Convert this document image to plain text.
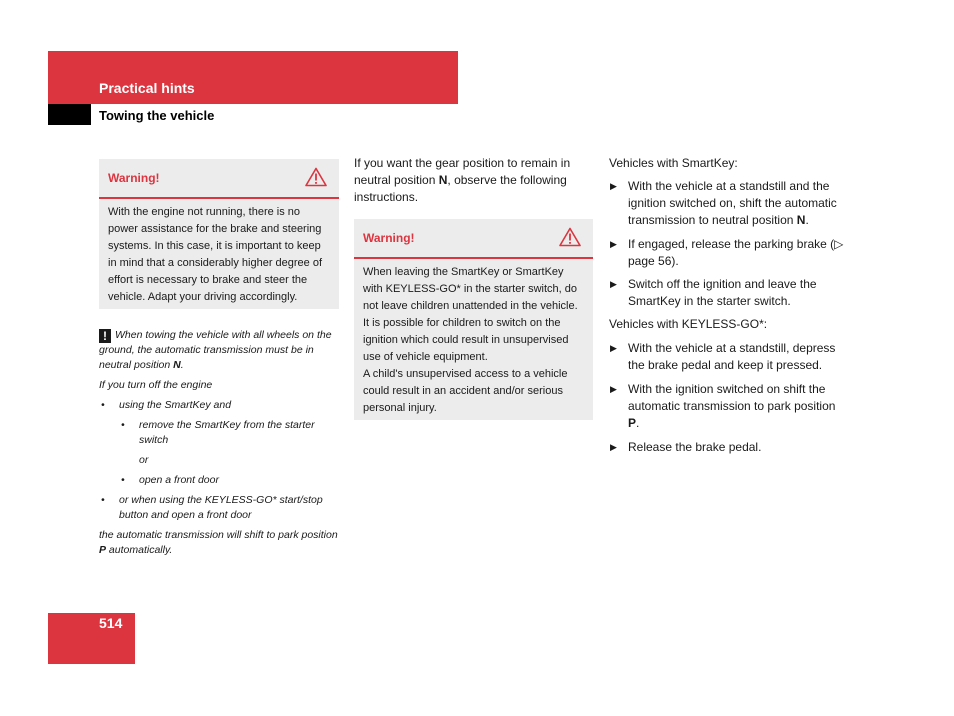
Practical hints
Towing the vehicle
Warning!

With the engine not running, there is no power assistance for the brake and steering systems. In this case, it is important to keep in mind that a considerably higher degree of effort is necessary to brake and steer the vehicle. Adapt your driving accordingly.

! When towing the vehicle with all wheels on the ground, the automatic transmission must be in neutral position N.

If you turn off the engine

• using the SmartKey and
• remove the SmartKey from the starter switch
or
• open a front door
• or when using the KEYLESS-GO* start/stop button and open a front door

the automatic transmission will shift to park position P automatically.

If you want the gear position to remain in neutral position N, observe the following instructions.
Warning!

When leaving the SmartKey or SmartKey with KEYLESS-GO* in the starter switch, do not leave children unattended in the vehicle. It is possible for children to switch on the ignition which could result in unsupervised use of vehicle equipment.

A child's unsupervised access to a vehicle could result in an accident and/or serious personal injury.

Vehicles with SmartKey:

▶ With the vehicle at a standstill and the ignition switched on, shift the automatic transmission to neutral position N.
▶ If engaged, release the parking brake (▷ page 56).
▶ Switch off the ignition and leave the SmartKey in the starter switch.

Vehicles with KEYLESS-GO*:

▶ With the vehicle at a standstill, depress the brake pedal and keep it pressed.
▶ With the ignition switched on shift the automatic transmission to park position P.
▶ Release the brake pedal.
514
